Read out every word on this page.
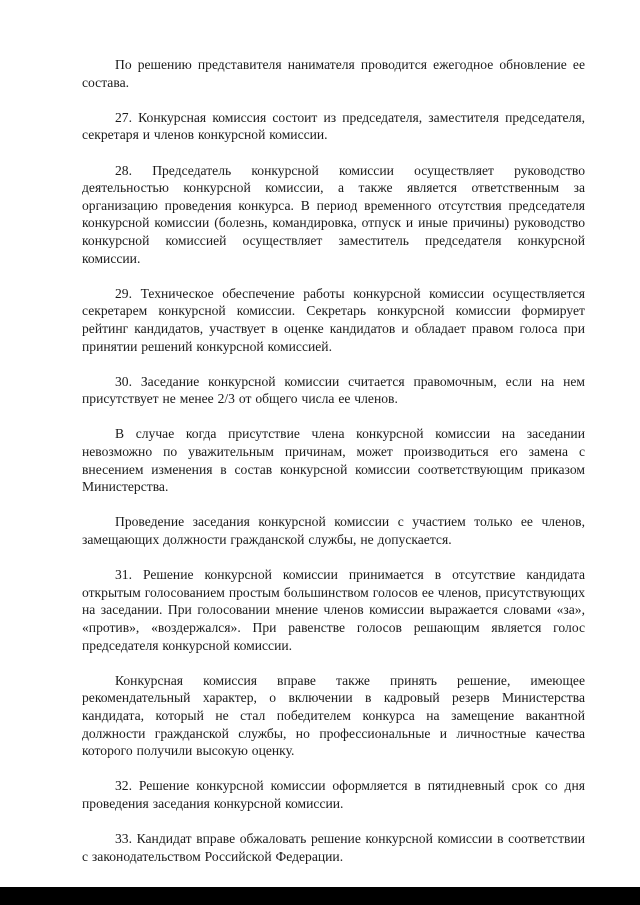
По решению представителя нанимателя проводится ежегодное обновление ее состава.

27. Конкурсная комиссия состоит из председателя, заместителя председателя, секретаря и членов конкурсной комиссии.

28. Председатель конкурсной комиссии осуществляет руководство деятельностью конкурсной комиссии, а также является ответственным за организацию проведения конкурса. В период временного отсутствия председателя конкурсной комиссии (болезнь, командировка, отпуск и иные причины) руководство конкурсной комиссией осуществляет заместитель председателя конкурсной комиссии.

29. Техническое обеспечение работы конкурсной комиссии осуществляется секретарем конкурсной комиссии. Секретарь конкурсной комиссии формирует рейтинг кандидатов, участвует в оценке кандидатов и обладает правом голоса при принятии решений конкурсной комиссией.

30. Заседание конкурсной комиссии считается правомочным, если на нем присутствует не менее 2/3 от общего числа ее членов.

В случае когда присутствие члена конкурсной комиссии на заседании невозможно по уважительным причинам, может производиться его замена с внесением изменения в состав конкурсной комиссии соответствующим приказом Министерства.

Проведение заседания конкурсной комиссии с участием только ее членов, замещающих должности гражданской службы, не допускается.

31. Решение конкурсной комиссии принимается в отсутствие кандидата открытым голосованием простым большинством голосов ее членов, присутствующих на заседании. При голосовании мнение членов комиссии выражается словами «за», «против», «воздержался». При равенстве голосов решающим является голос председателя конкурсной комиссии.

Конкурсная комиссия вправе также принять решение, имеющее рекомендательный характер, о включении в кадровый резерв Министерства кандидата, который не стал победителем конкурса на замещение вакантной должности гражданской службы, но профессиональные и личностные качества которого получили высокую оценку.

32. Решение конкурсной комиссии оформляется в пятидневный срок со дня проведения заседания конкурсной комиссии.

33. Кандидат вправе обжаловать решение конкурсной комиссии в соответствии с законодательством Российской Федерации.
